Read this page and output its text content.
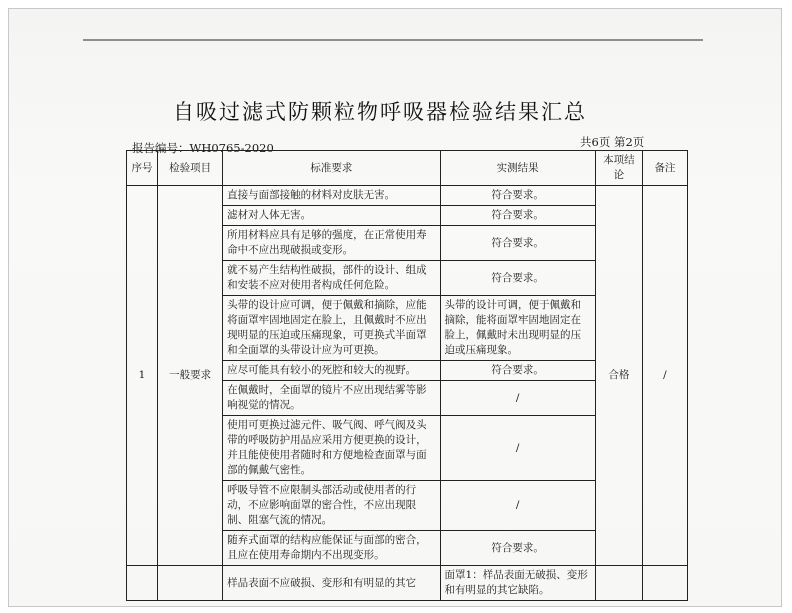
自吸过滤式防颗粒物呼吸器检验结果汇总
报告编号：WH0765-2020	共6页 第2页
序号	检验项目	标准要求	实测结果	本项结论	备注
1	一般要求	直接与面部接触的材料对皮肤无害。	符合要求。	合格	/
		滤材对人体无害。	符合要求。		
		所用材料应具有足够的强度，在正常使用寿命中不应出现破损或变形。	符合要求。		
		就不易产生结构性破损，部件的设计、组成和安装不应对使用者构成任何危险。	符合要求。		
		头带的设计应可调，便于佩戴和摘除，应能将面罩牢固地固定在脸上，且佩戴时不应出现明显的压迫或压痛现象，可更换式半面罩和全面罩的头带设计应为可更换。	头带的设计可调，便于佩戴和摘除，能将面罩牢固地固定在脸上，佩戴时未出现明显的压迫或压痛现象。		
		应尽可能具有较小的死腔和较大的视野。	符合要求。		
		在佩戴时，全面罩的镜片不应出现结雾等影响视觉的情况。	/		
		使用可更换过滤元件、吸气阀、呼气阀及头带的呼吸防护用品应采用方便更换的设计，并且能使使用者随时和方便地检查面罩与面部的佩戴气密性。	/		
		呼吸导管不应限制头部活动或使用者的行动，不应影响面罩的密合性，不应出现限制、阻塞气流的情况。	/		
		随弃式面罩的结构应能保证与面部的密合，且应在使用寿命期内不出现变形。	符合要求。		
		样品表面不应破损、变形和有明显的其它	面罩1：样品表面无破损、变形和有明显的其它缺陷。		
